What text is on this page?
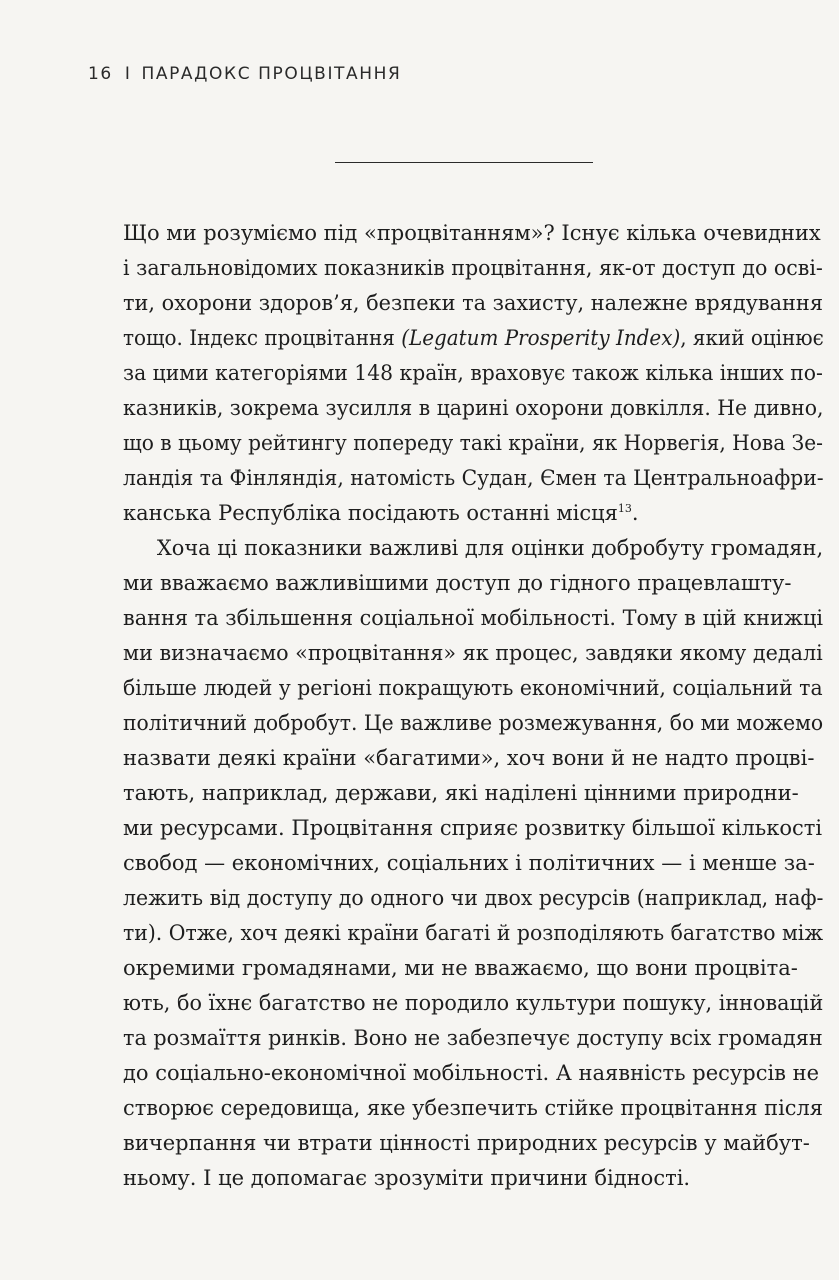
16 I ПАРАДОКС ПРОЦВІТАННЯ

Що ми розуміємо під «процвітанням»? Існує кілька очевидних
і загальновідомих показників процвітання, як-от доступ до осві-
ти, охорони здоров’я, безпеки та захисту, належне врядування
тощо. Індекс процвітання (Legatum Prosperity Index), який оцінює
за цими категоріями 148 країн, враховує також кілька інших по-
казників, зокрема зусилля в царині охорони довкілля. Не дивно,
що в цьому рейтингу попереду такі країни, як Норвегія, Нова Зе-
ландія та Фінляндія, натомість Судан, Ємен та Центральноафри-
канська Республіка посідають останні місця$^{13}$.

Хоча ці показники важливі для оцінки добробуту громадян,
ми вважаємо важливішими доступ до гідного працевлашту-
вання та збільшення соціальної мобільності. Тому в цій книжці
ми визначаємо «процвітання» як процес, завдяки якому дедалі
більше людей у регіоні покращують економічний, соціальний та
політичний добробут. Це важливе розмежування, бо ми можемо
назвати деякі країни «багатими», хоч вони й не надто процві-
тають, наприклад, держави, які наділені цінними природни-
ми ресурсами. Процвітання сприяє розвитку більшої кількості
свобод — економічних, соціальних і політичних — і менше за-
лежить від доступу до одного чи двох ресурсів (наприклад, наф-
ти). Отже, хоч деякі країни багаті й розподіляють багатство між
окремими громадянами, ми не вважаємо, що вони процвіта-
ють, бо їхнє багатство не породило культури пошуку, інновацій
та розмаїття ринків. Воно не забезпечує доступу всіх громадян
до соціально-економічної мобільності. А наявність ресурсів не
створює середовища, яке убезпечить стійке процвітання після
вичерпання чи втрати цінності природних ресурсів у майбут-
ньому. І це допомагає зрозуміти причини бідності.
